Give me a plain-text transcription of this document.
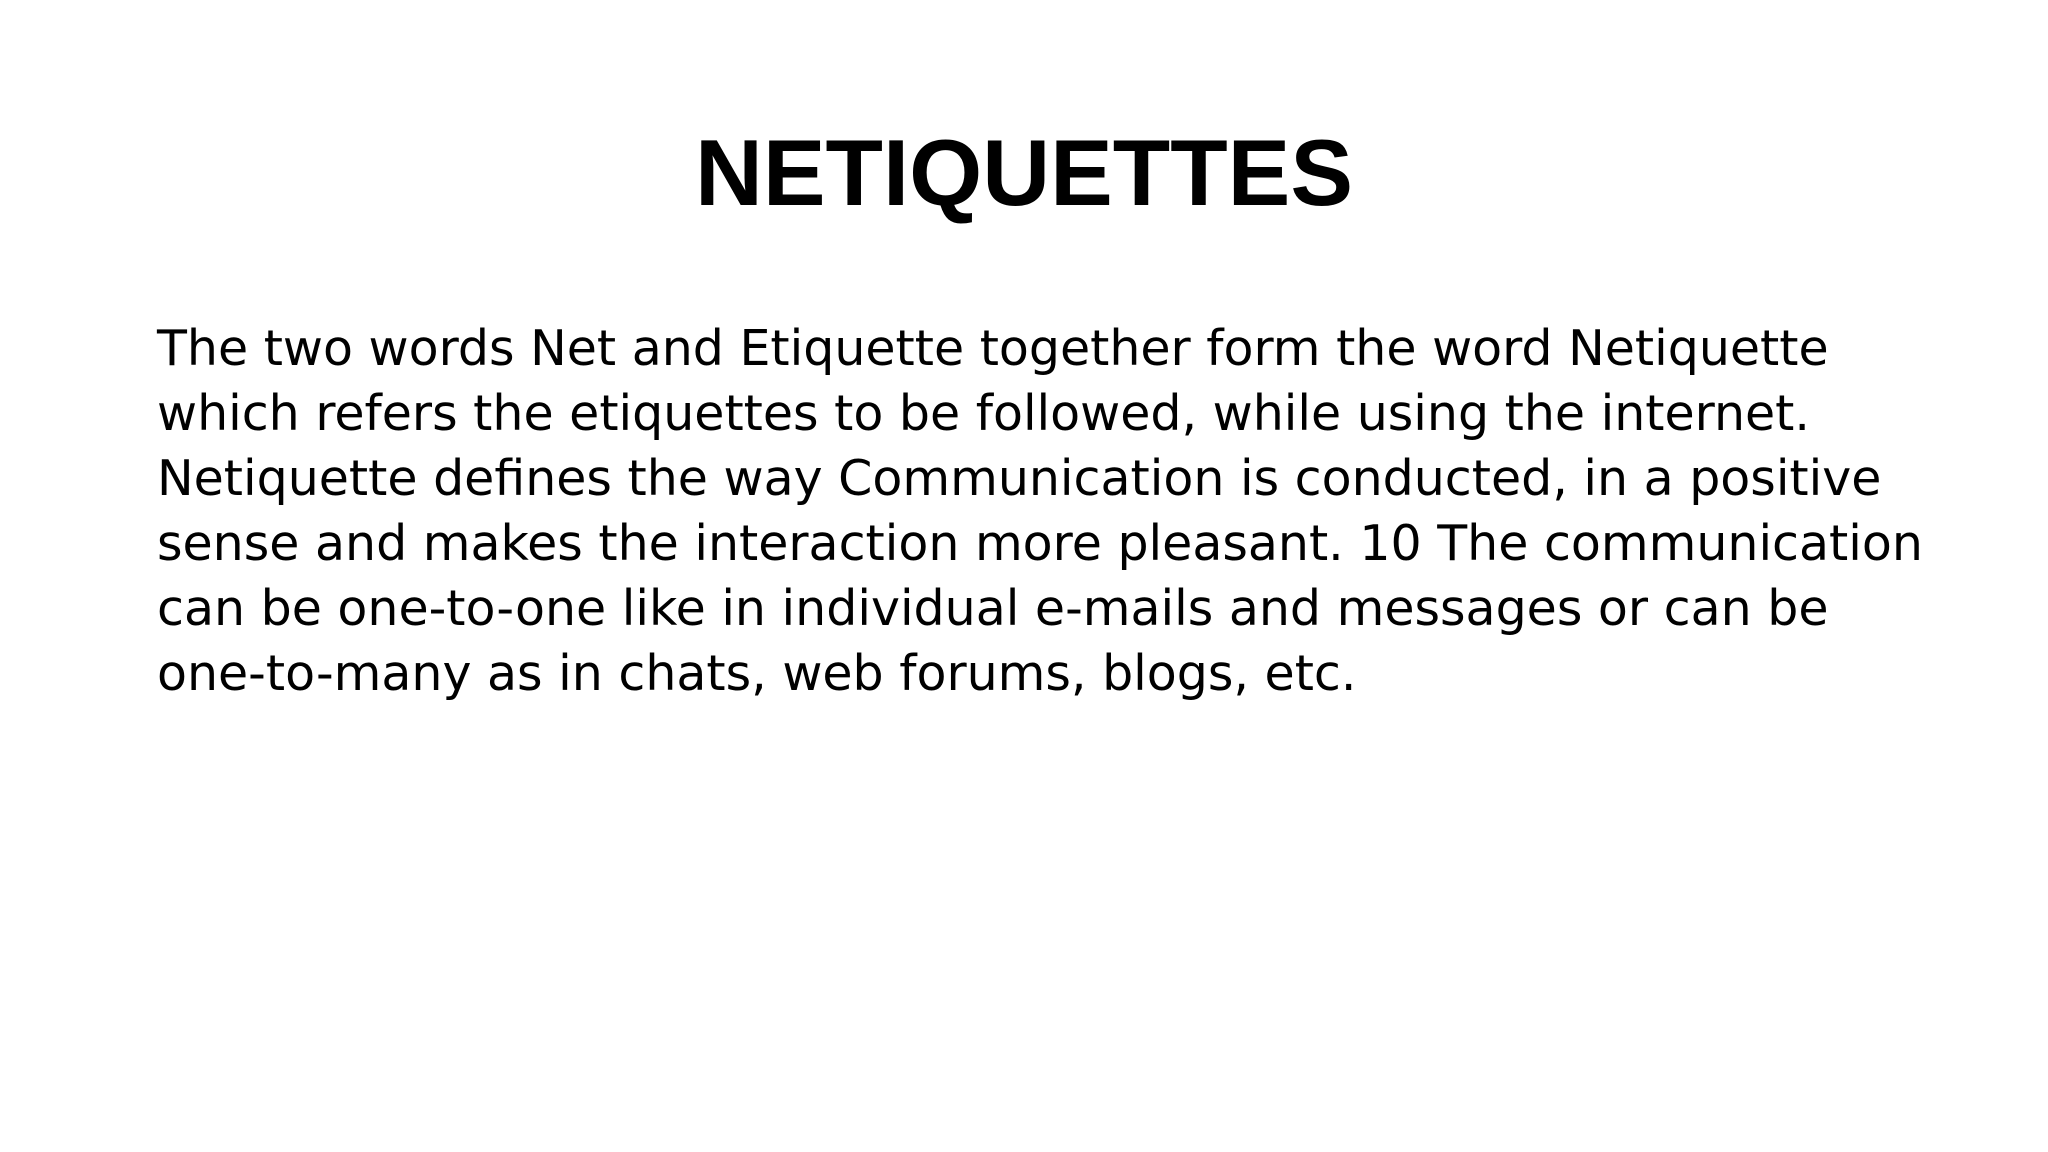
NETIQUETTES

The two words Net and Etiquette together form the word Netiquette
which refers the etiquettes to be followed, while using the internet.
Netiquette defines the way Communication is conducted, in a positive
sense and makes the interaction more pleasant. 10 The communication
can be one-to-one like in individual e-mails and messages or can be
one-to-many as in chats, web forums, blogs, etc.
